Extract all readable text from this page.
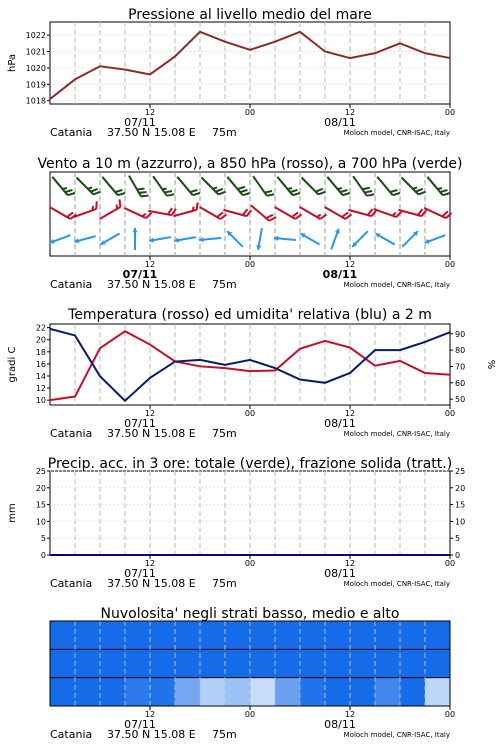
1018
1019
1020
1021
1022
hPa
Pressione al livello medio del mare
12	00	12	00
07/11	08/11
Catania 37.50 N 15.08 E 75m	Moloch model, CNR-ISAC, Italy
Vento a 10 m (azzurro), a 850 hPa (rosso), a 700 hPa (verde)
12	00	12	00
07/11	08/11
Catania 37.50 N 15.08 E 75m	Moloch model, CNR-ISAC, Italy
10
12
14
16
18
20
22
50
60
70
80
90
gradi C	%
Temperatura (rosso) ed umidita' relativa (blu) a 2 m
12	00	12	00
07/11	08/11
Catania 37.50 N 15.08 E 75m	Moloch model, CNR-ISAC, Italy
0
5
10
15
20
25
0
5
10
15
20
25
mm
Precip. acc. in 3 ore: totale (verde), frazione solida (tratt.)
12	00	12	00
07/11	08/11
Catania 37.50 N 15.08 E 75m	Moloch model, CNR-ISAC, Italy
Nuvolosita' negli strati basso, medio e alto
12	00	12	00
07/11	08/11
Catania 37.50 N 15.08 E 75m	Moloch model, CNR-ISAC, Italy
